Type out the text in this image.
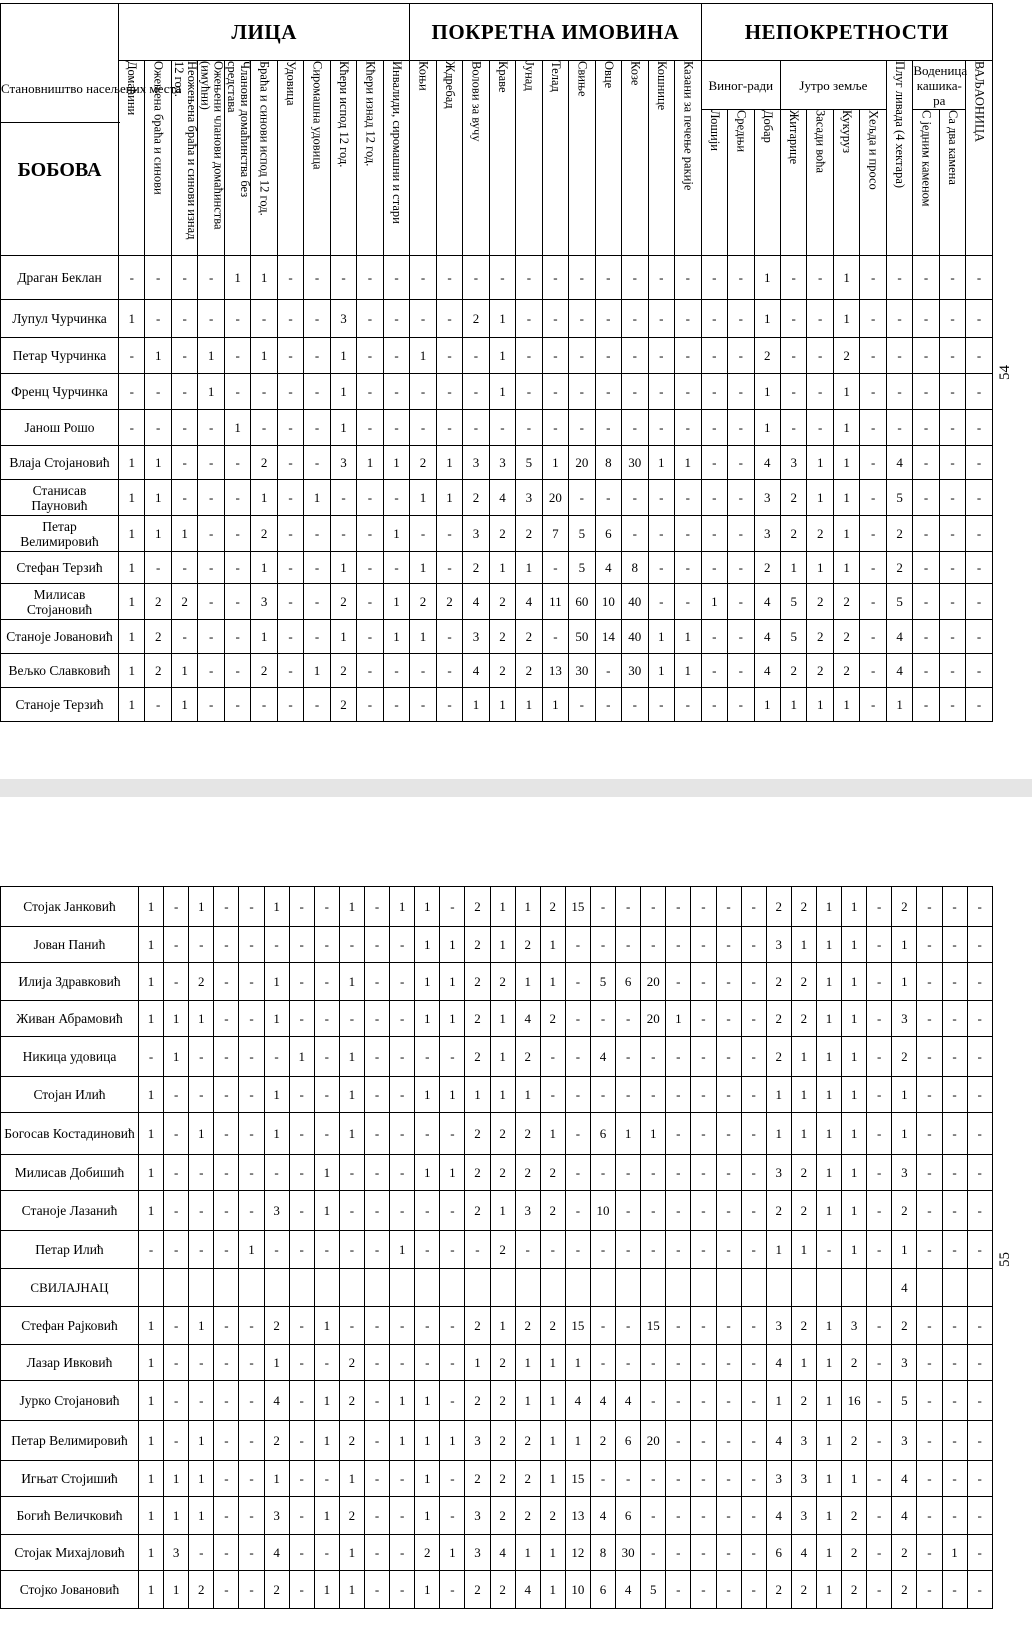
Становништво насељених места
БОБОВА	ЛИЦА											ПОКРЕТНА ИМОВИНА											НЕПОКРЕТНОСТИ										
	Домаћини	Ожењена браћа и синови	Неожењена браћа и синови изнад 12 год.	Ожењени чланови домаћинства (имућни)	Чланови домаћинства без средстава	Браћа и синови испод 12 год.	Удовица	Сиромашна удовица	Кћери испод 12 год.	Кћери изнад 12 год.	Инвалиди, сиромашни и стари	Коњи	Ждребад	Волови за вучу	Краве	Јунад	Телад	Свиње	Овце	Козе	Кошнице	Казани за печење ракије	Виног-ради			Јутро земље				Плуг ливада (4 хектара)	Воденица кашика-ра		ВАЉАОНИЦА
																							Лошији	Средњи	Добар	Житарице	Засади воћа	Кукуруз	Хељда и просо		С једним каменом	Са два камена	
Драган Беклан	-	-	-	-	1	1	-	-	-	-	-	-	-	-	-	-	-	-	-	-	-	-	-	-	1	-	-	1	-	-	-	-	-
Лупул Чурчинка	1	-	-	-	-	-	-	-	3	-	-	-	-	2	1	-	-	-	-	-	-	-	-	-	1	-	-	1	-	-	-	-	-
Петар Чурчинка	-	1	-	1	-	1	-	-	1	-	-	1	-	-	1	-	-	-	-	-	-	-	-	-	2	-	-	2	-	-	-	-	-
Френц Чурчинка	-	-	-	1	-	-	-	-	1	-	-	-	-	-	1	-	-	-	-	-	-	-	-	-	1	-	-	1	-	-	-	-	-
Јанош Рошо	-	-	-	-	1	-	-	-	1	-	-	-	-	-	-	-	-	-	-	-	-	-	-	-	1	-	-	1	-	-	-	-	-
Влаја Стојановић	1	1	-	-	-	2	-	-	3	1	1	2	1	3	3	5	1	20	8	30	1	1	-	-	4	3	1	1	-	4	-	-	-
Станисав Пауновић	1	1	-	-	-	1	-	1	-	-	-	1	1	2	4	3	20	-	-	-	-	-	-	-	3	2	1	1	-	5	-	-	-
Петар Велимировић	1	1	1	-	-	2	-	-	-	-	1	-	-	3	2	2	7	5	6	-	-	-	-	-	3	2	2	1	-	2	-	-	-
Стефан Терзић	1	-	-	-	-	1	-	-	1	-	-	1	-	2	1	1	-	5	4	8	-	-	-	-	2	1	1	1	-	2	-	-	-
Милисав Стојановић	1	2	2	-	-	3	-	-	2	-	1	2	2	4	2	4	11	60	10	40	-	-	1	-	4	5	2	2	-	5	-	-	-
Станоје Јовановић	1	2	-	-	-	1	-	-	1	-	1	1	-	3	2	2	-	50	14	40	1	1	-	-	4	5	2	2	-	4	-	-	-
Вељко Славковић	1	2	1	-	-	2	-	1	2	-	-	-	-	4	2	2	13	30	-	30	1	1	-	-	4	2	2	2	-	4	-	-	-
Станоје Терзић	1	-	1	-	-	-	-	-	2	-	-	-	-	1	1	1	1	-	-	-	-	-	-	-	1	1	1	1	-	1	-	-	-
54
Стојак Јанковић	1	-	1	-	-	1	-	-	1	-	1	1	-	2	1	1	2	15	-	-	-	-	-	-	-	2	2	1	1	-	2	-	-	-
Јован Панић	1	-	-	-	-	-	-	-	-	-	-	1	1	2	1	2	1	-	-	-	-	-	-	-	-	3	1	1	1	-	1	-	-	-
Илија Здравковић	1	-	2	-	-	1	-	-	1	-	-	1	1	2	2	1	1	-	5	6	20	-	-	-	-	2	2	1	1	-	1	-	-	-
Живан Абрамовић	1	1	1	-	-	1	-	-	-	-	-	1	1	2	1	4	2	-	-	-	20	1	-	-	-	2	2	1	1	-	3	-	-	-
Никица удовица	-	1	-	-	-	-	1	-	1	-	-	-	-	2	1	2	-	-	4	-	-	-	-	-	-	2	1	1	1	-	2	-	-	-
Стојан Илић	1	-	-	-	-	1	-	-	1	-	-	1	1	1	1	1	-	-	-	-	-	-	-	-	-	1	1	1	1	-	1	-	-	-
Богосав Костадиновић	1	-	1	-	-	1	-	-	1	-	-	-	-	2	2	2	1	-	6	1	1	-	-	-	-	1	1	1	1	-	1	-	-	-
Милисав Добишић	1	-	-	-	-	-	-	1	-	-	-	1	1	2	2	2	2	-	-	-	-	-	-	-	-	3	2	1	1	-	3	-	-	-
Станоје Лазанић	1	-	-	-	-	3	-	1	-	-	-	-	-	2	1	3	2	-	10	-	-	-	-	-	-	2	2	1	1	-	2	-	-	-
Петар Илић	-	-	-	-	1	-	-	-	-	-	1	-	-	-	2	-	-	-	-	-	-	-	-	-	-	1	1	-	1	-	1	-	-	-
СВИЛАЈНАЦ																															4			
Стефан Рајковић	1	-	1	-	-	2	-	1	-	-	-	-	-	2	1	2	2	15	-	-	15	-	-	-	-	3	2	1	3	-	2	-	-	-
Лазар Ивковић	1	-	-	-	-	1	-	-	2	-	-	-	-	1	2	1	1	1	-	-	-	-	-	-	-	4	1	1	2	-	3	-	-	-
Јурко Стојановић	1	-	-	-	-	4	-	1	2	-	1	1	-	2	2	1	1	4	4	4	-	-	-	-	-	1	2	1	16	-	5	-	-	-
Петар Велимировић	1	-	1	-	-	2	-	1	2	-	1	1	1	3	2	2	1	1	2	6	20	-	-	-	-	4	3	1	2	-	3	-	-	-
Игњат Стојишић	1	1	1	-	-	1	-	-	1	-	-	1	-	2	2	2	1	15	-	-	-	-	-	-	-	3	3	1	1	-	4	-	-	-
Богић Величковић	1	1	1	-	-	3	-	1	2	-	-	1	-	3	2	2	2	13	4	6	-	-	-	-	-	4	3	1	2	-	4	-	-	-
Стојак Михајловић	1	3	-	-	-	4	-	-	1	-	-	2	1	3	4	1	1	12	8	30	-	-	-	-	-	6	4	1	2	-	2	-	1	-
Стојко Јовановић	1	1	2	-	-	2	-	1	1	-	-	1	-	2	2	4	1	10	6	4	5	-	-	-	-	2	2	1	2	-	2	-	-	-
55
